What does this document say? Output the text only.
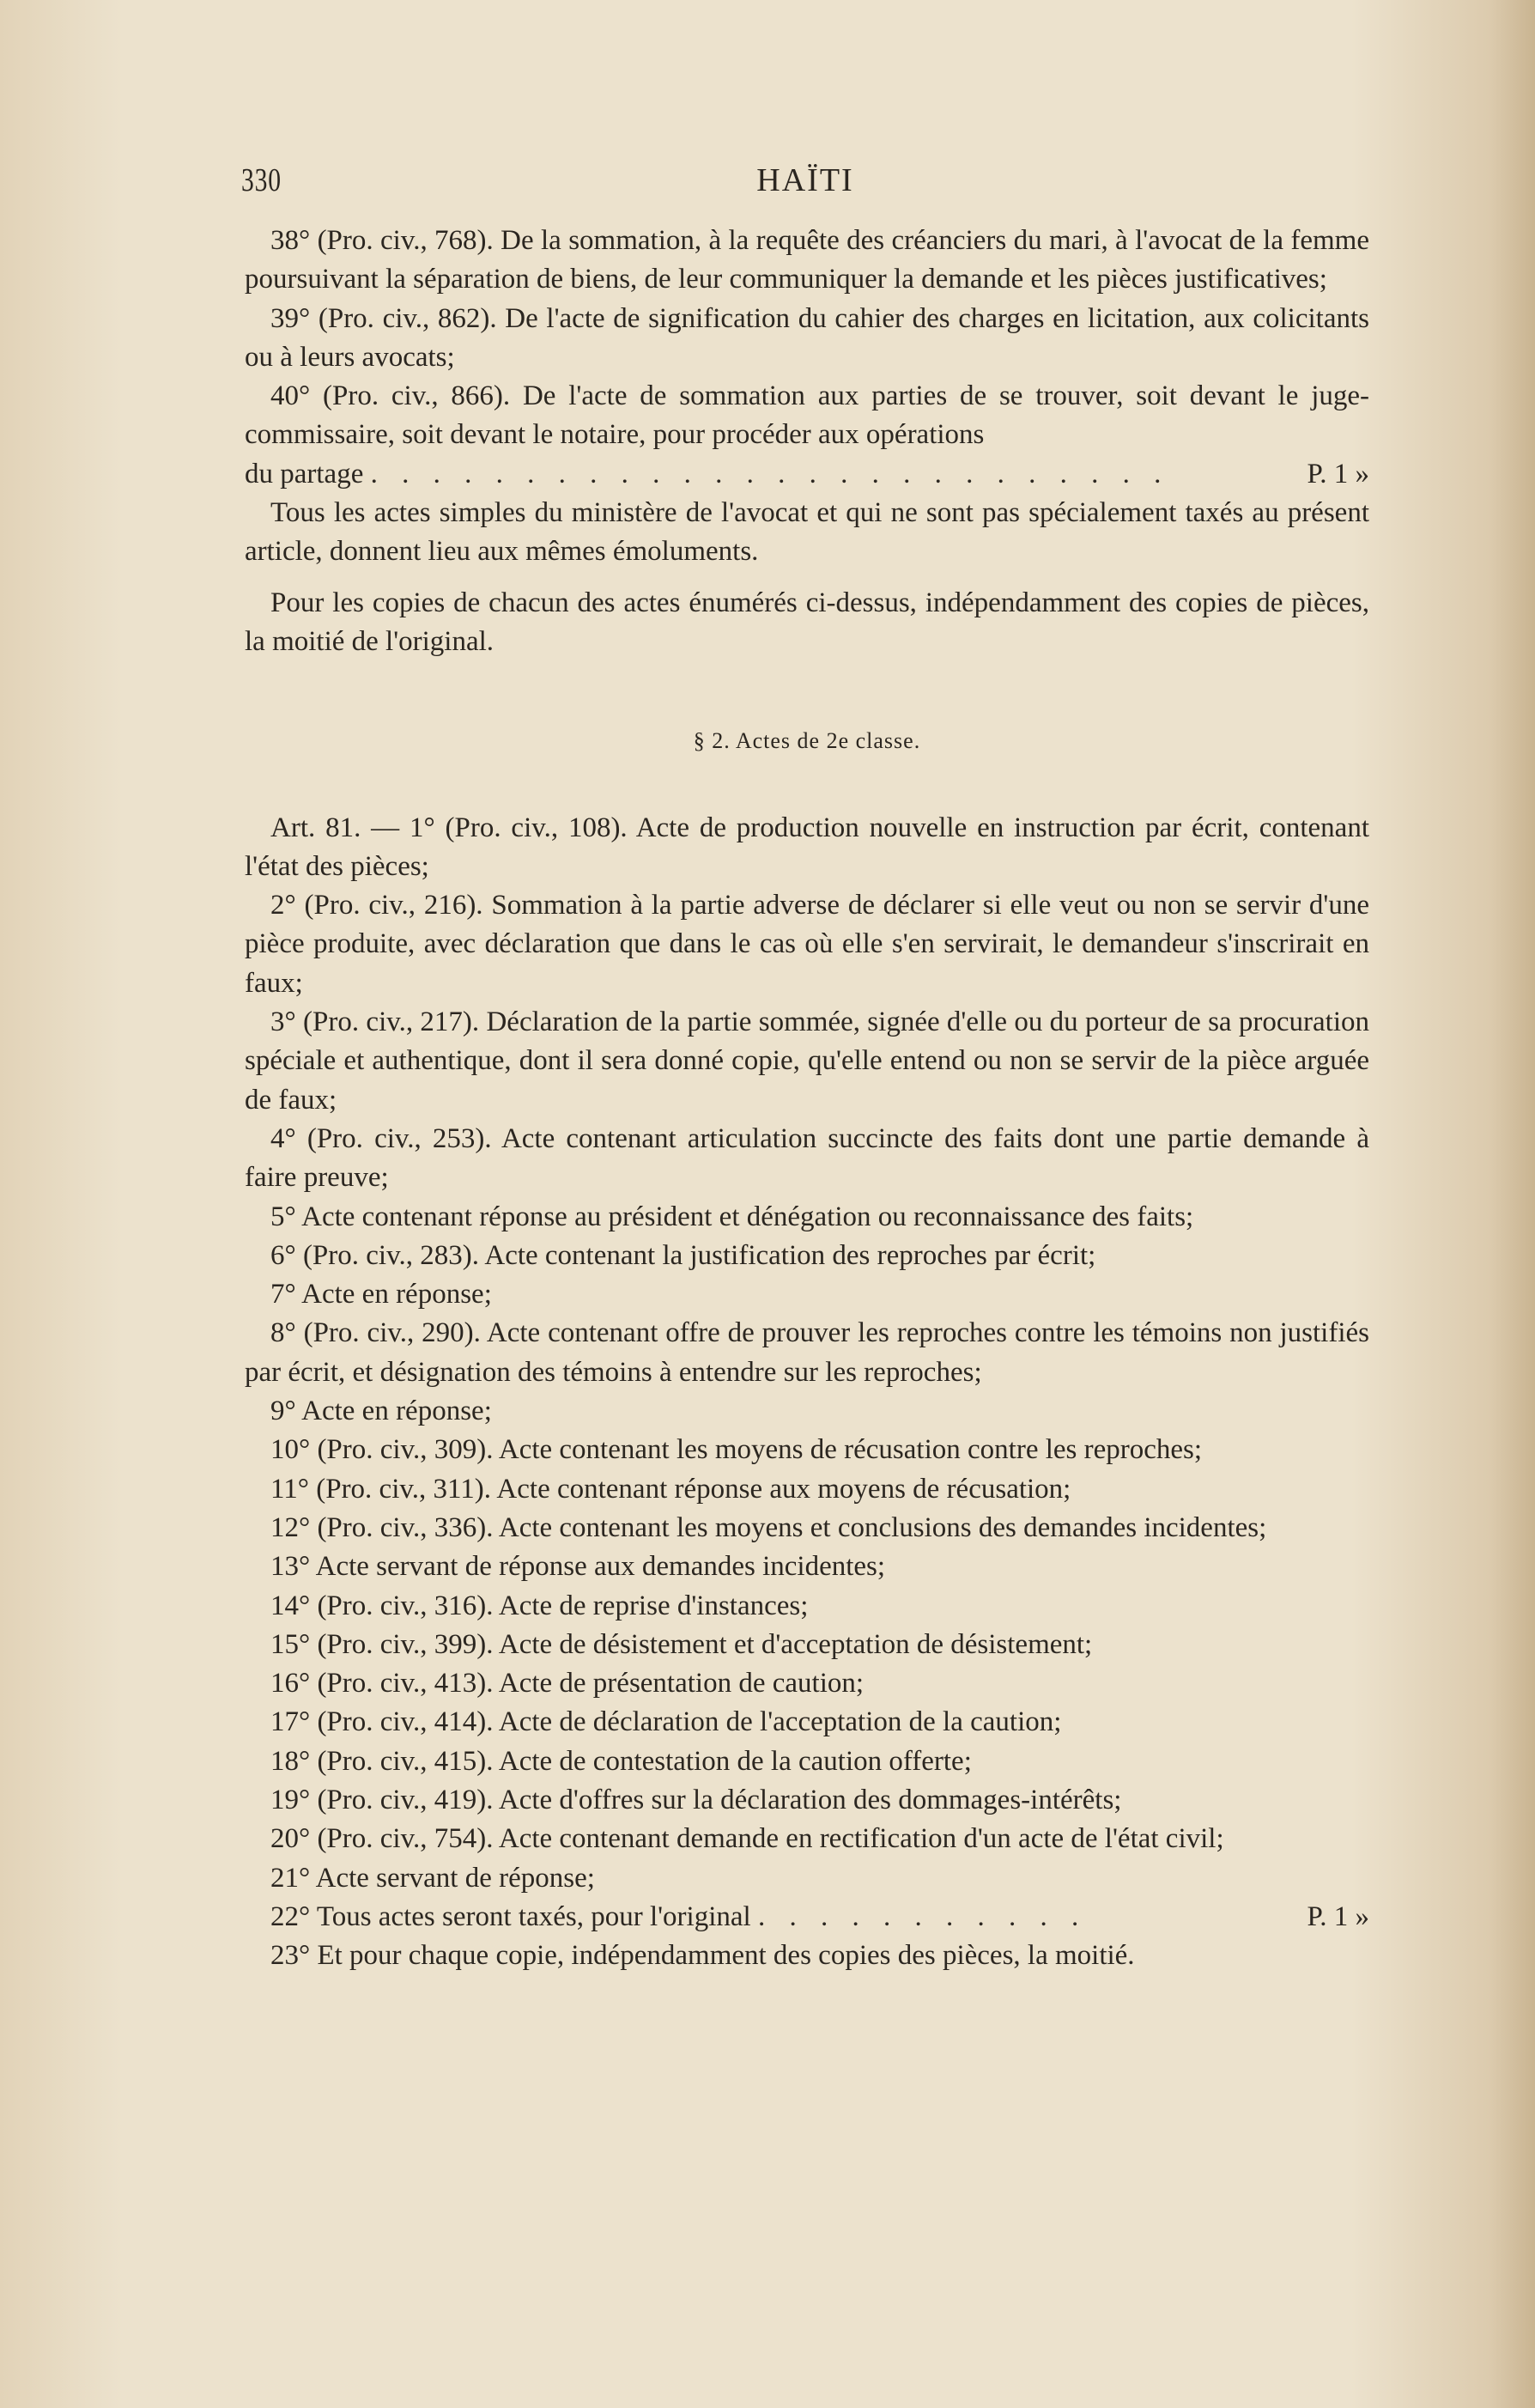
330	HAÏTI

38° (Pro. civ., 768). De la sommation, à la requête des créanciers du mari, à l'avocat de la femme poursuivant la séparation de biens, de leur communiquer la demande et les pièces justificatives;

39° (Pro. civ., 862). De l'acte de signification du cahier des charges en licitation, aux colicitants ou à leurs avocats;

40° (Pro. civ., 866). De l'acte de sommation aux parties de se trouver, soit devant le juge-commissaire, soit devant le notaire, pour procéder aux opérations

du partage . . . . . . . . . . . . . . . . . . . . . . . . . .	P. 1 »

Tous les actes simples du ministère de l'avocat et qui ne sont pas spécialement taxés au présent article, donnent lieu aux mêmes émoluments.

Pour les copies de chacun des actes énumérés ci-dessus, indépendamment des copies de pièces, la moitié de l'original.

§ 2. Actes de 2e classe.

Art. 81. — 1° (Pro. civ., 108). Acte de production nouvelle en instruction par écrit, contenant l'état des pièces;

2° (Pro. civ., 216). Sommation à la partie adverse de déclarer si elle veut ou non se servir d'une pièce produite, avec déclaration que dans le cas où elle s'en servirait, le demandeur s'inscrirait en faux;

3° (Pro. civ., 217). Déclaration de la partie sommée, signée d'elle ou du porteur de sa procuration spéciale et authentique, dont il sera donné copie, qu'elle entend ou non se servir de la pièce arguée de faux;

4° (Pro. civ., 253). Acte contenant articulation succincte des faits dont une partie demande à faire preuve;

5° Acte contenant réponse au président et dénégation ou reconnaissance des faits;

6° (Pro. civ., 283). Acte contenant la justification des reproches par écrit;

7° Acte en réponse;

8° (Pro. civ., 290). Acte contenant offre de prouver les reproches contre les témoins non justifiés par écrit, et désignation des témoins à entendre sur les reproches;

9° Acte en réponse;

10° (Pro. civ., 309). Acte contenant les moyens de récusation contre les reproches;

11° (Pro. civ., 311). Acte contenant réponse aux moyens de récusation;

12° (Pro. civ., 336). Acte contenant les moyens et conclusions des demandes incidentes;

13° Acte servant de réponse aux demandes incidentes;

14° (Pro. civ., 316). Acte de reprise d'instances;

15° (Pro. civ., 399). Acte de désistement et d'acceptation de désistement;

16° (Pro. civ., 413). Acte de présentation de caution;

17° (Pro. civ., 414). Acte de déclaration de l'acceptation de la caution;

18° (Pro. civ., 415). Acte de contestation de la caution offerte;

19° (Pro. civ., 419). Acte d'offres sur la déclaration des dommages-intérêts;

20° (Pro. civ., 754). Acte contenant demande en rectification d'un acte de l'état civil;

21° Acte servant de réponse;

22° Tous actes seront taxés, pour l'original . . . . . . . . . . .	P. 1 »

23° Et pour chaque copie, indépendamment des copies des pièces, la moitié.
